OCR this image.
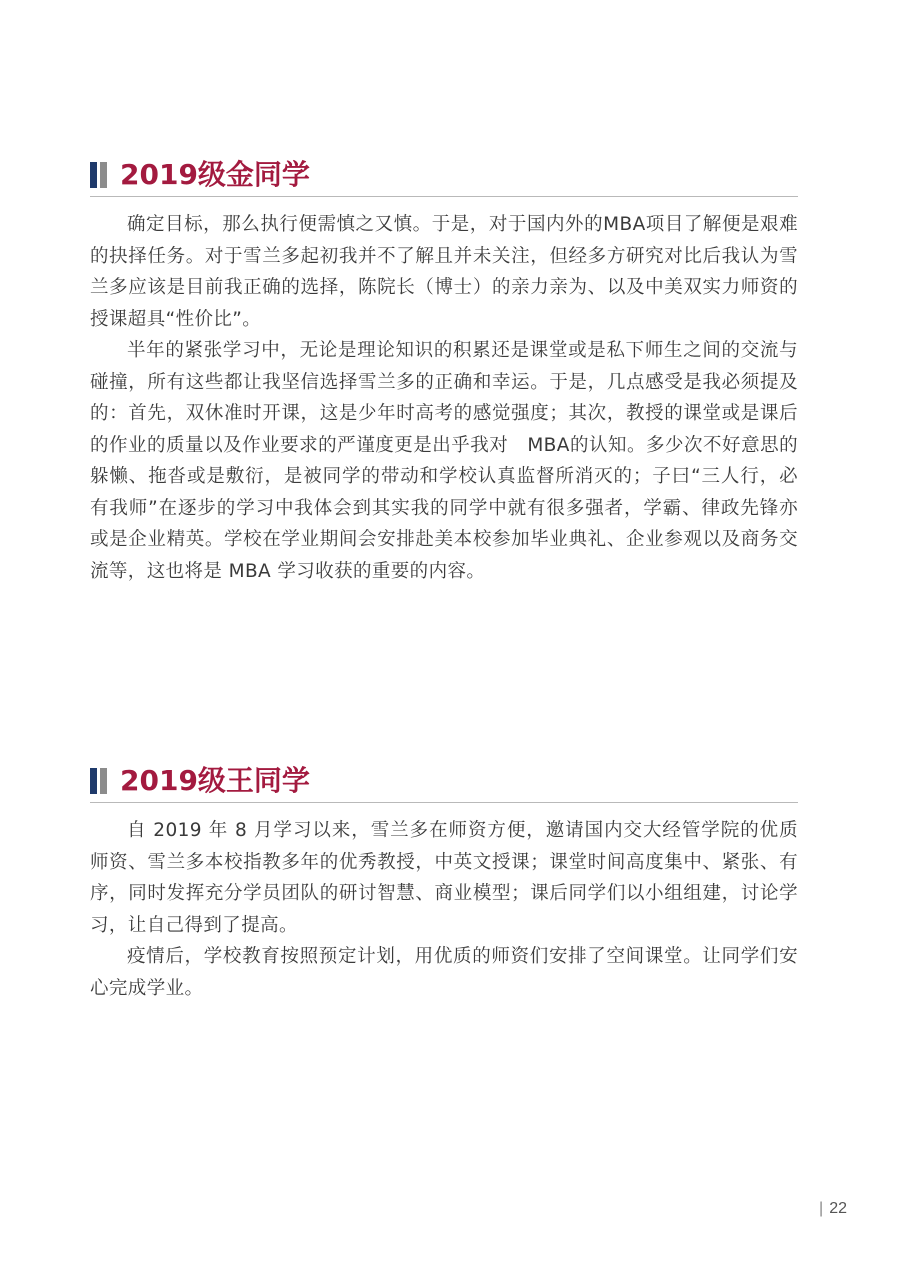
2019级金同学

确定目标，那么执行便需慎之又慎。于是，对于国内外的MBA项目了解便是艰难的抉择任务。对于雪兰多起初我并不了解且并未关注，但经多方研究对比后我认为雪兰多应该是目前我正确的选择，陈院长（博士）的亲力亲为、以及中美双实力师资的授课超具“性价比”。

半年的紧张学习中，无论是理论知识的积累还是课堂或是私下师生之间的交流与碰撞，所有这些都让我坚信选择雪兰多的正确和幸运。于是，几点感受是我必须提及的：首先，双休准时开课，这是少年时高考的感觉强度；其次，教授的课堂或是课后的作业的质量以及作业要求的严谨度更是出乎我对　MBA的认知。多少次不好意思的躲懒、拖沓或是敷衍，是被同学的带动和学校认真监督所消灭的；子曰“三人行，必有我师”在逐步的学习中我体会到其实我的同学中就有很多强者，学霸、律政先锋亦或是企业精英。学校在学业期间会安排赴美本校参加毕业典礼、企业参观以及商务交流等，这也将是 MBA 学习收获的重要的内容。

2019级王同学

自 2019 年 8 月学习以来，雪兰多在师资方便，邀请国内交大经管学院的优质师资、雪兰多本校指教多年的优秀教授，中英文授课；课堂时间高度集中、紧张、有序，同时发挥充分学员团队的研讨智慧、商业模型；课后同学们以小组组建，讨论学习，让自己得到了提高。

疫情后，学校教育按照预定计划，用优质的师资们安排了空间课堂。让同学们安心完成学业。

| 22
